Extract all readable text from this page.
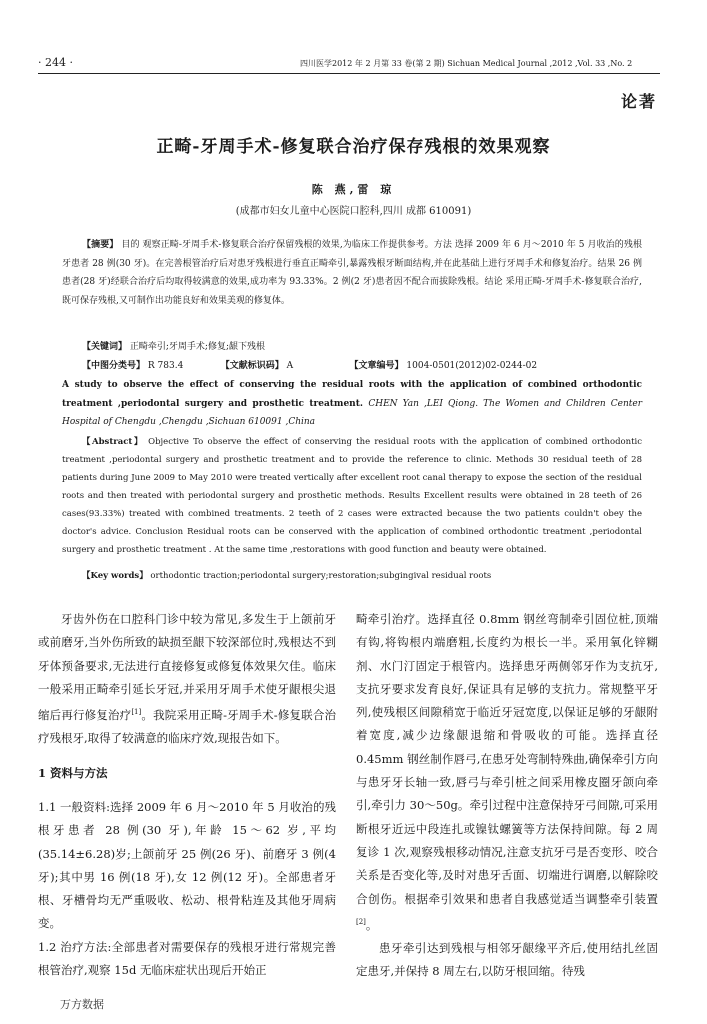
· 244 ·	四川医学2012 年 2 月第 33 卷(第 2 期) Sichuan Medical Journal ,2012 ,Vol. 33 ,No. 2
论著
正畸-牙周手术-修复联合治疗保存残根的效果观察
陈 燕,雷 琼
(成都市妇女儿童中心医院口腔科,四川 成都 610091)
【摘要】 目的 观察正畸-牙周手术-修复联合治疗保留残根的效果,为临床工作提供参考。方法 选择 2009 年 6 月～2010 年 5 月收治的残根牙患者 28 例(30 牙)。在完善根管治疗后对患牙残根进行垂直正畸牵引,暴露残根牙断面结构,并在此基础上进行牙周手术和修复治疗。结果 26 例患者(28 牙)经联合治疗后均取得较满意的效果,成功率为 93.33%。2 例(2 牙)患者因不配合而拔除残根。结论 采用正畸-牙周手术-修复联合治疗,既可保存残根,又可制作出功能良好和效果美观的修复体。
【关键词】 正畸牵引;牙周手术;修复;龈下残根
【中图分类号】 R 783.4	【文献标识码】 A	【文章编号】 1004-0501(2012)02-0244-02
A study to observe the effect of conserving the residual roots with the application of combined orthodontic treatment ,periodontal surgery and prosthetic treatment. CHEN Yan ,LEI Qiong. The Women and Children Center Hospital of Chengdu ,Chengdu ,Sichuan 610091 ,China
【Abstract】 Objective To observe the effect of conserving the residual roots with the application of combined orthodontic treatment ,periodontal surgery and prosthetic treatment and to provide the reference to clinic. Methods 30 residual teeth of 28 patients during June 2009 to May 2010 were treated vertically after excellent root canal therapy to expose the section of the residual roots and then treated with periodontal surgery and prosthetic methods. Results Excellent results were obtained in 28 teeth of 26 cases(93.33%) treated with combined treatments. 2 teeth of 2 cases were extracted because the two patients couldn't obey the doctor's advice. Conclusion Residual roots can be conserved with the application of combined orthodontic treatment ,periodontal surgery and prosthetic treatment . At the same time ,restorations with good function and beauty were obtained.
【Key words】 orthodontic traction;periodontal surgery;restoration;subgingival residual roots

牙齿外伤在口腔科门诊中较为常见,多发生于上颌前牙或前磨牙,当外伤所致的缺损至龈下较深部位时,残根达不到牙体预备要求,无法进行直接修复或修复体效果欠佳。临床一般采用正畸牵引延长牙冠,并采用牙周手术使牙龈根尖退缩后再行修复治疗[1]。我院采用正畸-牙周手术-修复联合治疗残根牙,取得了较满意的临床疗效,现报告如下。

1 资料与方法

1.1 一般资料:选择 2009 年 6 月～2010 年 5 月收治的残根牙患者 28 例(30 牙),年龄 15～62 岁,平均(35.14±6.28)岁;上颌前牙 25 例(26 牙)、前磨牙 3 例(4 牙);其中男 16 例(18 牙),女 12 例(12 牙)。全部患者牙根、牙槽骨均无严重吸收、松动、根骨粘连及其他牙周病变。

1.2 治疗方法:全部患者对需要保存的残根牙进行常规完善根管治疗,观察 15d 无临床症状出现后开始正

畸牵引治疗。选择直径 0.8mm 钢丝弯制牵引固位桩,顶端有钩,将钩根内端磨粗,长度约为根长一半。采用氧化锌糊剂、水门汀固定于根管内。选择患牙两侧邻牙作为支抗牙,支抗牙要求发育良好,保证具有足够的支抗力。常规整平牙列,使残根区间隙稍宽于临近牙冠宽度,以保证足够的牙龈附着宽度,减少边缘龈退缩和骨吸收的可能。选择直径 0.45mm 钢丝制作唇弓,在患牙处弯制特殊曲,确保牵引方向与患牙牙长轴一致,唇弓与牵引桩之间采用橡皮圈牙颌向牵引,牵引力 30～50g。牵引过程中注意保持牙弓间隙,可采用断根牙近远中段连扎或镍钛螺簧等方法保持间隙。每 2 周复诊 1 次,观察残根移动情况,注意支抗牙弓是否变形、咬合关系是否变化等,及时对患牙舌面、切端进行调磨,以解除咬合创伤。根据牵引效果和患者自我感觉适当调整牵引装置[2]。

患牙牵引达到残根与相邻牙龈缘平齐后,使用结扎丝固定患牙,并保持 8 周左右,以防牙根回缩。待残

万方数据
